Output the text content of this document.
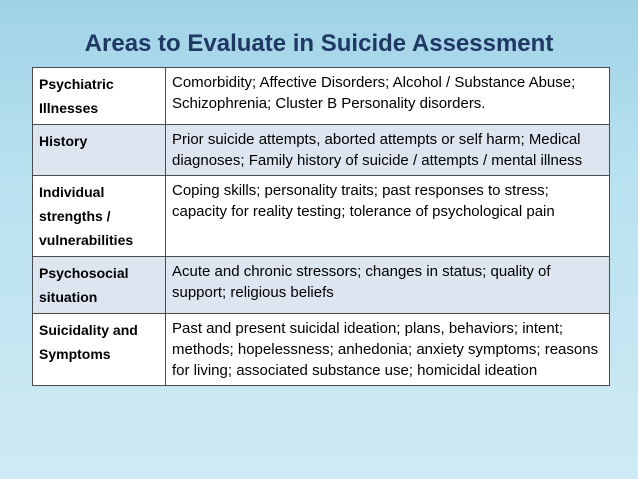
Areas to Evaluate in Suicide Assessment
Psychiatric Illnesses	Comorbidity; Affective Disorders; Alcohol / Substance Abuse; Schizophrenia; Cluster B Personality disorders.
History	Prior suicide attempts, aborted attempts or self harm; Medical diagnoses; Family history of suicide / attempts / mental illness
Individual strengths / vulnerabilities	Coping skills; personality traits; past responses to stress; capacity for reality testing; tolerance of psychological pain
Psychosocial situation	Acute and chronic stressors; changes in status; quality of support; religious beliefs
Suicidality and Symptoms	Past and present suicidal ideation; plans, behaviors; intent; methods; hopelessness; anhedonia; anxiety symptoms; reasons for living; associated substance use; homicidal ideation
